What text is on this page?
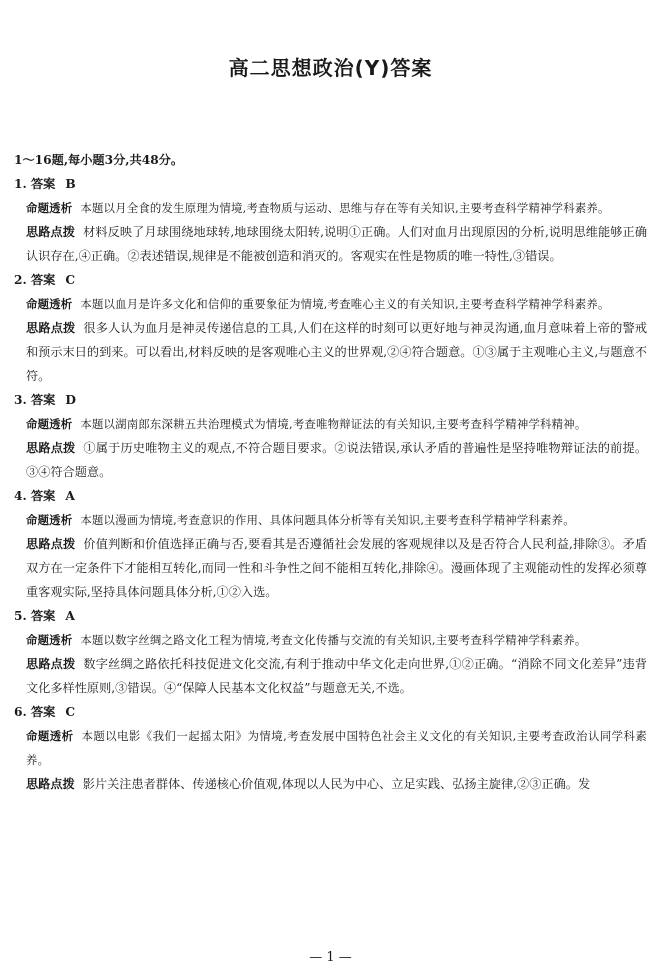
高二思想政治(Y)答案

1～16题,每小题3分,共48分。

1. 答案 B

命题透析 本题以月全食的发生原理为情境,考查物质与运动、思维与存在等有关知识,主要考查科学精神学科素养。

思路点拨 材料反映了月球围绕地球转,地球围绕太阳转,说明①正确。人们对血月出现原因的分析,说明思维能够正确认识存在,④正确。②表述错误,规律是不能被创造和消灭的。客观实在性是物质的唯一特性,③错误。

2. 答案 C

命题透析 本题以血月是许多文化和信仰的重要象征为情境,考查唯心主义的有关知识,主要考查科学精神学科素养。

思路点拨 很多人认为血月是神灵传递信息的工具,人们在这样的时刻可以更好地与神灵沟通,血月意味着上帝的警戒和预示末日的到来。可以看出,材料反映的是客观唯心主义的世界观,②④符合题意。①③属于主观唯心主义,与题意不符。

3. 答案 D

命题透析 本题以湖南郎东深耕五共治理模式为情境,考查唯物辩证法的有关知识,主要考查科学精神学科精神。

思路点拨 ①属于历史唯物主义的观点,不符合题目要求。②说法错误,承认矛盾的普遍性是坚持唯物辩证法的前提。③④符合题意。

4. 答案 A

命题透析 本题以漫画为情境,考查意识的作用、具体问题具体分析等有关知识,主要考查科学精神学科素养。

思路点拨 价值判断和价值选择正确与否,要看其是否遵循社会发展的客观规律以及是否符合人民利益,排除③。矛盾双方在一定条件下才能相互转化,而同一性和斗争性之间不能相互转化,排除④。漫画体现了主观能动性的发挥必须尊重客观实际,坚持具体问题具体分析,①②入选。

5. 答案 A

命题透析 本题以数字丝绸之路文化工程为情境,考查文化传播与交流的有关知识,主要考查科学精神学科素养。

思路点拨 数字丝绸之路依托科技促进文化交流,有利于推动中华文化走向世界,①②正确。“消除不同文化差异”违背文化多样性原则,③错误。④“保障人民基本文化权益”与题意无关,不选。

6. 答案 C

命题透析 本题以电影《我们一起摇太阳》为情境,考查发展中国特色社会主义文化的有关知识,主要考查政治认同学科素养。

思路点拨 影片关注患者群体、传递核心价值观,体现以人民为中心、立足实践、弘扬主旋律,②③正确。发

— 1 —
